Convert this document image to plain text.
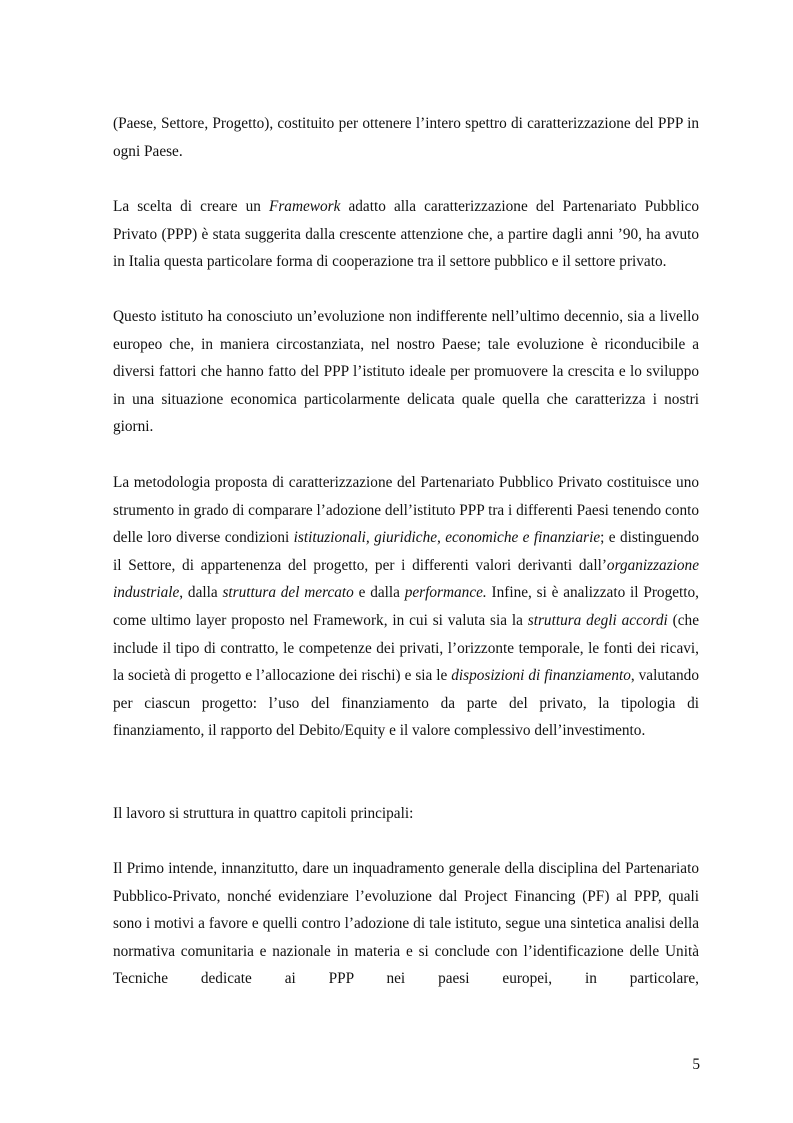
(Paese, Settore, Progetto), costituito per ottenere l’intero spettro di caratterizzazione del PPP in ogni Paese.

La scelta di creare un Framework adatto alla caratterizzazione del Partenariato Pubblico Privato (PPP) è stata suggerita dalla crescente attenzione che, a partire dagli anni ’90, ha avuto in Italia questa particolare forma di cooperazione tra il settore pubblico e il settore privato.

Questo istituto ha conosciuto un’evoluzione non indifferente nell’ultimo decennio, sia a livello europeo che, in maniera circostanziata, nel nostro Paese; tale evoluzione è riconducibile a diversi fattori che hanno fatto del PPP l’istituto ideale per promuovere la crescita e lo sviluppo in una situazione economica particolarmente delicata quale quella che caratterizza i nostri giorni.

La metodologia proposta di caratterizzazione del Partenariato Pubblico Privato costituisce uno strumento in grado di comparare l’adozione dell’istituto PPP tra i differenti Paesi tenendo conto delle loro diverse condizioni istituzionali, giuridiche, economiche e finanziarie; e distinguendo il Settore, di appartenenza del progetto, per i differenti valori derivanti dall’organizzazione industriale, dalla struttura del mercato e dalla performance. Infine, si è analizzato il Progetto, come ultimo layer proposto nel Framework, in cui si valuta sia la struttura degli accordi (che include il tipo di contratto, le competenze dei privati, l’orizzonte temporale, le fonti dei ricavi, la società di progetto e l’allocazione dei rischi) e sia le disposizioni di finanziamento, valutando per ciascun progetto: l’uso del finanziamento da parte del privato, la tipologia di finanziamento, il rapporto del Debito/Equity e il valore complessivo dell’investimento.

Il lavoro si struttura in quattro capitoli principali:

Il Primo intende, innanzitutto, dare un inquadramento generale della disciplina del Partenariato Pubblico-Privato, nonché evidenziare l’evoluzione dal Project Financing (PF) al PPP, quali sono i motivi a favore e quelli contro l’adozione di tale istituto, segue una sintetica analisi della normativa comunitaria e nazionale in materia e si conclude con l’identificazione delle Unità Tecniche dedicate ai PPP nei paesi europei, in particolare,

5
